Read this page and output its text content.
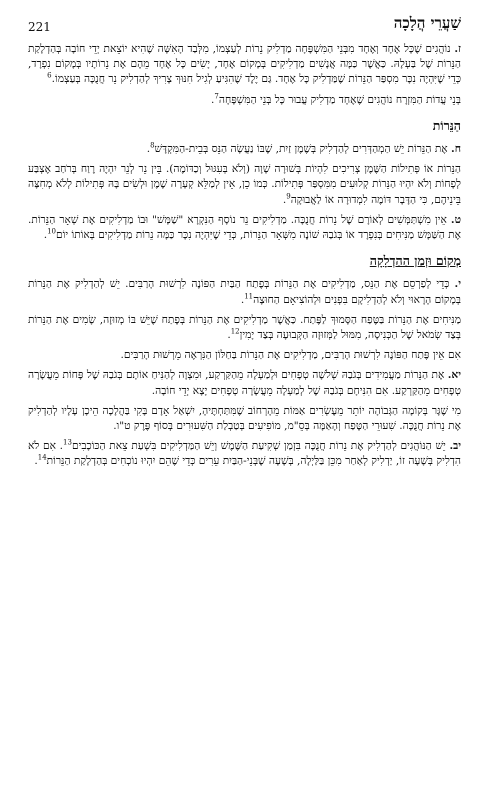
221	שַׁעֲרֵי הֲלָכָה

ז. נוֹהֲגִים שֶׁכָּל אֶחָד וְאֶחָד מִבְּנֵי הַמִּשְׁפָּחָה מַדְלִיק נֵרוֹת לְעַצְמוֹ, מִלְּבַד הָאִשָּׁה שֶׁהִיא יוֹצֵאת יְדֵי חוֹבָה בְּהַדְלָקַת הַנֵּרוֹת שֶׁל בַּעְלָהּ. כַּאֲשֶׁר כַּמָּה אֲנָשִׁים מַדְלִיקִים בְּמָקוֹם אֶחָד, יָשִׂים כָּל אֶחָד מֵהֶם אֶת נֵרוֹתָיו בְּמָקוֹם נִפְרָד, כְּדֵי שֶׁיִּהְיֶה נִכָּר מִסְפַּר הַנֵּרוֹת שֶׁמַּדְלִיק כָּל אֶחָד. גַּם יֶלֶד שֶׁהִגִּיעַ לְגִיל חִנּוּךְ צָרִיךְ לְהַדְלִיק נֵר חֲנֻכָּה בְּעַצְמוֹ.$^6$

בְּנֵי עֲדוֹת הַמִּזְרָח נוֹהֲגִים שֶׁאֶחָד מַדְלִיק עֲבוּר כָּל בְּנֵי הַמִּשְׁפָּחָה$^7$.

הַנֵּרוֹת

ח. אֶת הַנֵּרוֹת יֵשׁ הַמְהַדְּרִים לְהַדְלִיק בְּשֶׁמֶן זַיִת, שֶׁבּוֹ נַעֲשָׂה הַנֵּס בְּבֵית-הַמִּקְדָּשׁ$^8$.

הַנֵּרוֹת אוֹ פְּתִילוֹת הַשֶּׁמֶן צְרִיכִים לִהְיוֹת בְּשׁוּרָה שָׁוָה (וְלֹא בְּעִגּוּל וְכַדּוֹמֶה). בֵּין נֵר לְנֵר יִהְיֶה רֶוַח בְּרֹחַב אֶצְבַּע לְפָחוֹת וְלֹא יִהְיוּ הַנֵּרוֹת קְלוּעִים מִמִּסְפַּר פְּתִילוֹת. כְּמוֹ כֵן, אֵין לְמַלֵּא קְעָרָה שֶׁמֶן וּלְשִׂים בָּהּ פְּתִילוֹת לְלֹא מְחִצָּה בֵּינֵיהֶם, כִּי הַדָּבָר דּוֹמֶה לִמְדוּרָה אוֹ לַאֲבוּקָה$^9$.

ט. אֵין מִשְׁתַּמְּשִׁים לְאוֹרָם שֶׁל נֵרוֹת חֲנֻכָּה. מַדְלִיקִים נֵר נוֹסָף הַנִּקְרָא "שַׁמָּשׁ" וּבוֹ מַדְלִיקִים אֶת שְׁאָר הַנֵּרוֹת. אֶת הַשַּׁמָּשׁ מַנִּיחִים בְּנִפְרָד אוֹ בְּגֹבַהּ שׁוֹנֶה מִשְּׁאָר הַנֵּרוֹת, כְּדֵי שֶׁיִּהְיֶה נִכָּר כַּמָּה נֵרוֹת מַדְלִיקִים בְּאוֹתוֹ יוֹם$^{10}$.

מְקוֹם וּזְמַן הַהַדְלָקָה

י. כְּדֵי לְפַרְסֵם אֶת הַנֵּס, מַדְלִיקִים אֶת הַנֵּרוֹת בְּפֶתַח הַבַּיִת הַפּוֹנֶה לִרְשׁוּת הָרַבִּים. יֵשׁ לְהַדְלִיק אֶת הַנֵּרוֹת בְּמָקוֹם הָרָאוּי וְלֹא לְהַדְלִיקָם בִּפְנִים וּלְהוֹצִיאָם הַחוּצָה$^{11}$.

מַנִּיחִים אֶת הַנֵּרוֹת בַּטֶּפַח הַסָּמוּךְ לַפֶּתַח. כַּאֲשֶׁר מַדְלִיקִים אֶת הַנֵּרוֹת בְּפֶתַח שֶׁיֵּשׁ בּוֹ מְזוּזָה, שָׂמִים אֶת הַנֵּרוֹת בְּצַד שְׂמֹאל שֶׁל הַכְּנִיסָה, מִמּוּל לַמְּזוּזָה הַקְּבוּעָה בְּצַד יָמִין$^{12}$.

אִם אֵין פֶּתַח הַפּוֹנֶה לִרְשׁוּת הָרַבִּים, מַדְלִיקִים אֶת הַנֵּרוֹת בַּחַלּוֹן הַנִּרְאֶה מֵרְשׁוּת הָרַבִּים.

יא. אֶת הַנֵּרוֹת מַעֲמִידִים בְּגֹבַהּ שְׁלֹשָׁה טְפָחִים וּלְמַעְלָה מֵהַקַּרְקַע, וּמִצְוָה לְהַנִּיחַ אוֹתָם בְּגֹבַהּ שֶׁל פָּחוֹת מֵעֲשָׂרָה טְפָחִים מֵהַקַּרְקַע. אִם הִנִּיחָם בְּגֹבַהּ שֶׁל לְמַעְלָה מֵעֲשָׂרָה טְפָחִים יָצָא יְדֵי חוֹבָה.

מִי שֶׁגָּר בְּקוֹמָה הַגְּבוֹהָה יוֹתֵר מֵעֶשְׂרִים אַמּוֹת מֵהָרְחוֹב שֶׁמִּתַּחְתֶּיהָ, יִשְׁאַל אָדָם בָּקִי בַּהֲלָכָה הֵיכָן עָלָיו לְהַדְלִיק אֶת נֵרוֹת חֲנֻכָּה. שִׁעוּרֵי הַטֶּפַח וְהָאַמָּה בְּסֵ"מ, מוֹפִיעִים בְּטַבְלַת הַשִּׁעוּרִים בְּסוֹף פֶּרֶק ט"ו.

יב. יֵשׁ הַנּוֹהֲגִים לְהַדְלִיק אֶת נֵרוֹת חֲנֻכָּה בִּזְמַן שְׁקִיעַת הַשֶּׁמֶשׁ וְיֵשׁ הַמַּדְלִיקִים בִּשְׁעַת צֵאת הַכּוֹכָבִים$^{13}$. אִם לֹא הִדְלִיק בְּשָׁעָה זוֹ, יַדְלִיק לְאַחַר מִכֵּן בַּלַּיְלָה, בְּשָׁעָה שֶׁבְּנֵי-הַבַּיִת עֵרִים כְּדֵי שֶׁהֵם יִהְיוּ נוֹכְחִים בְּהַדְלָקַת הַנֵּרוֹת$^{14}$.
